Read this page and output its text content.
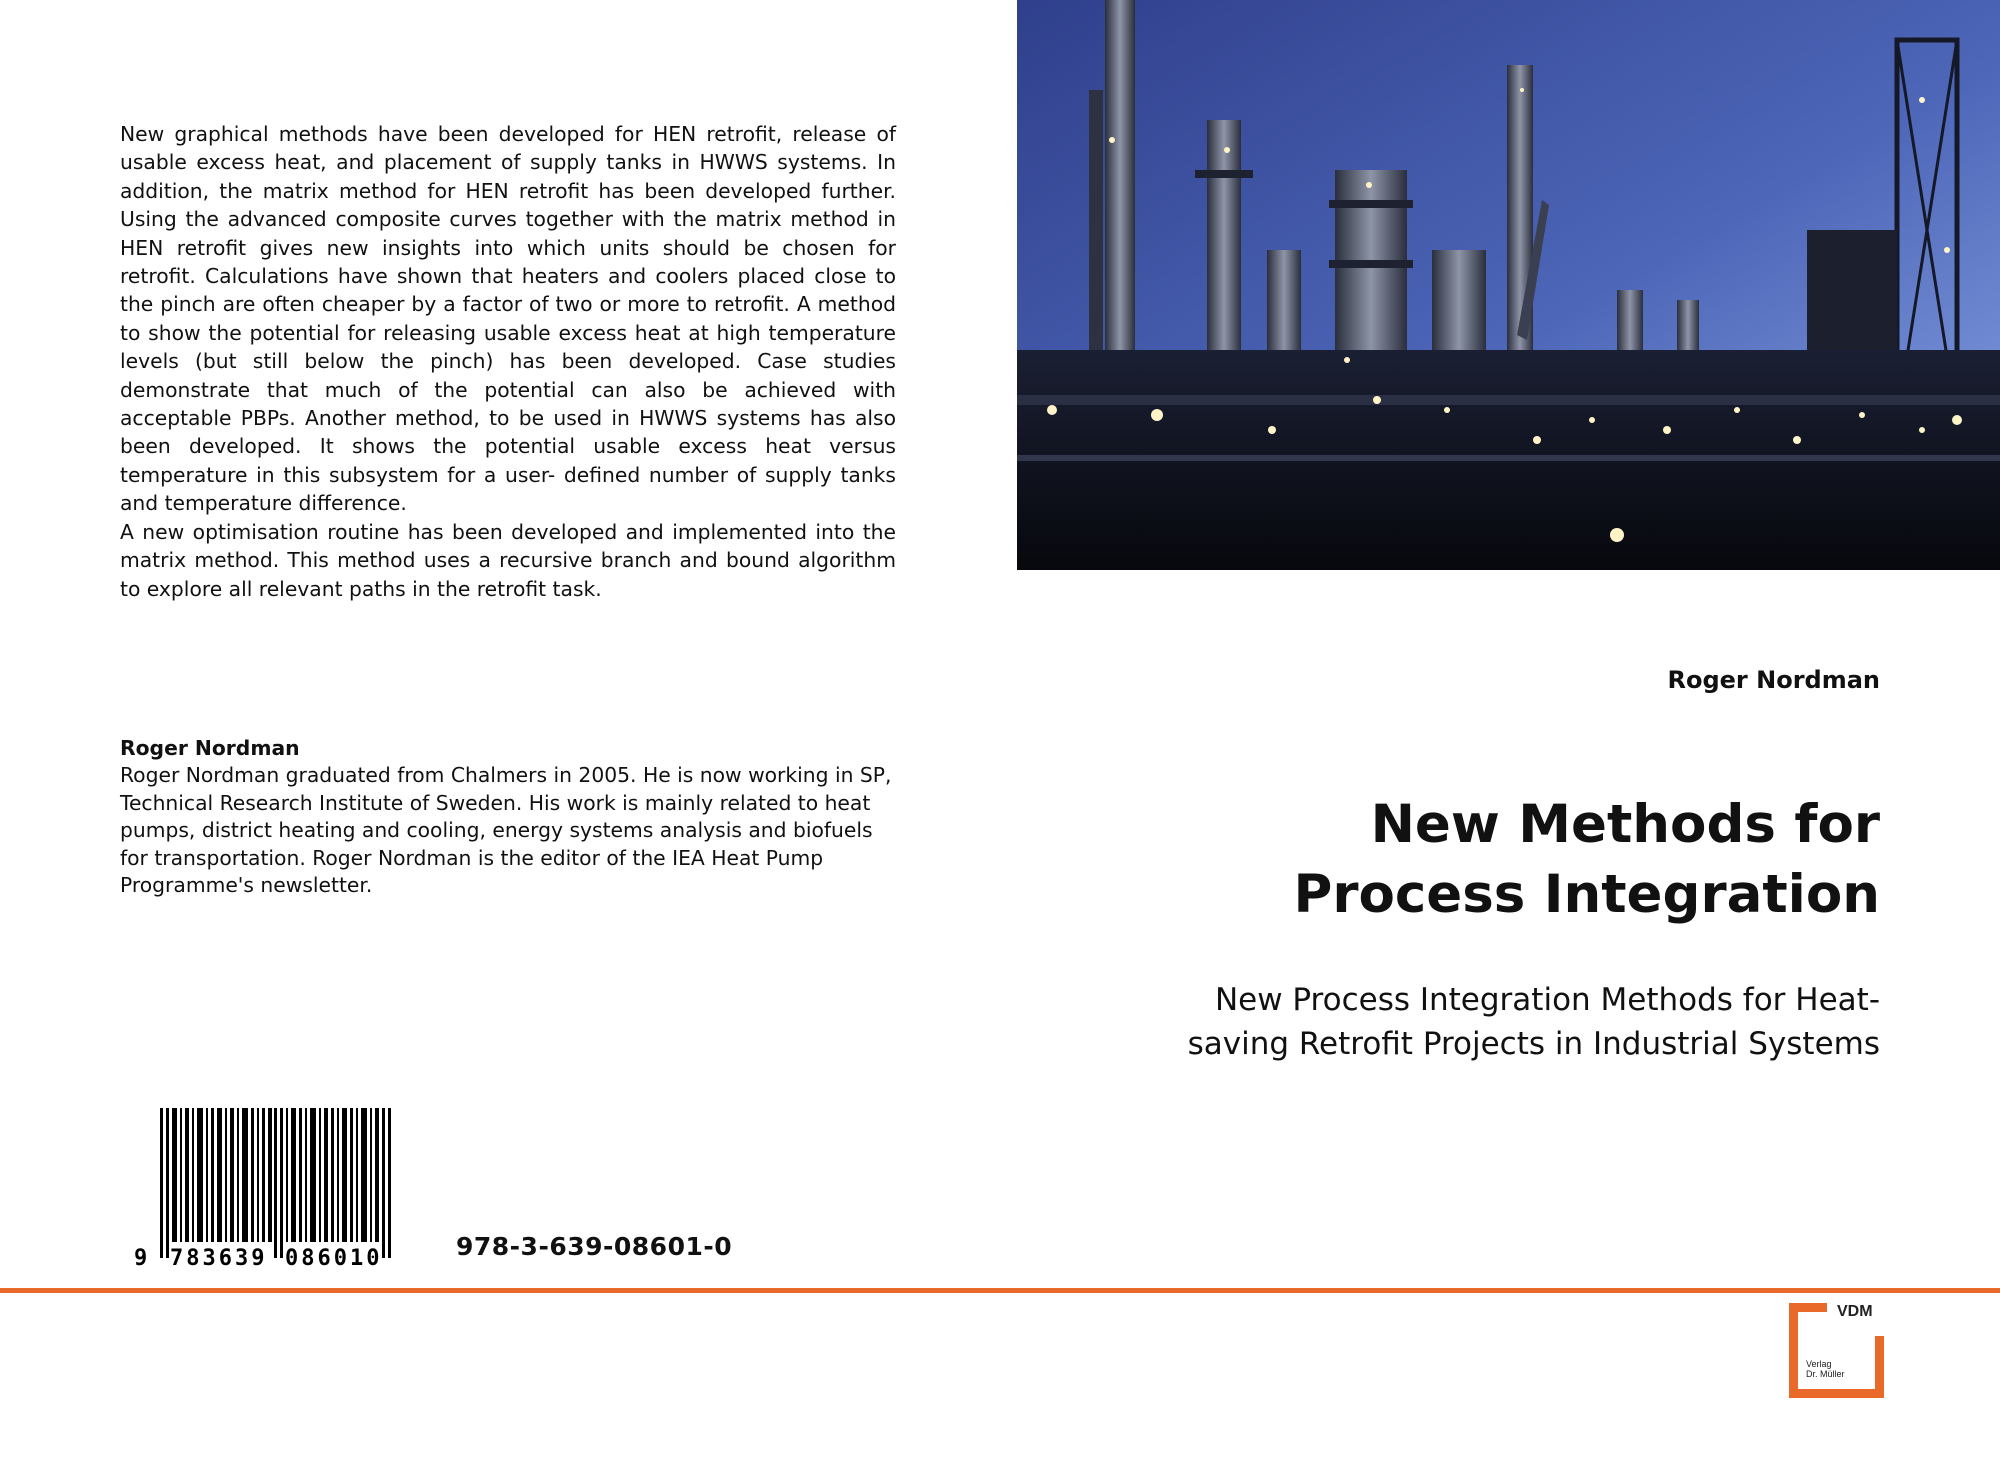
New graphical methods have been developed for HEN retrofit, release of usable excess heat, and placement of supply tanks in HWWS systems. In addition, the matrix method for HEN retrofit has been developed further. Using the advanced composite curves together with the matrix method in HEN retrofit gives new insights into which units should be chosen for retrofit. Calculations have shown that heaters and coolers placed close to the pinch are often cheaper by a factor of two or more to retrofit. A method to show the potential for releasing usable excess heat at high temperature levels (but still below the pinch) has been developed. Case studies demonstrate that much of the potential can also be achieved with acceptable PBPs. Another method, to be used in HWWS systems has also been developed. It shows the potential usable excess heat versus temperature in this subsystem for a user- defined number of supply tanks and temperature difference.

A new optimisation routine has been developed and implemented into the matrix method. This method uses a recursive branch and bound algorithm to explore all relevant paths in the retrofit task.

Roger Nordman
Roger Nordman graduated from Chalmers in 2005. He is now working in SP, Technical Research Institute of Sweden. His work is mainly related to heat pumps, district heating and cooling, energy systems analysis and biofuels for transportation. Roger Nordman is the editor of the IEA Heat Pump Programme's newsletter.
9 783639 086010	978-3-639-08601-0
Roger Nordman
New Methods for
Process Integration
New Process Integration Methods for Heat-
saving Retrofit Projects in Industrial Systems
VDM
Verlag
Dr. Müller
